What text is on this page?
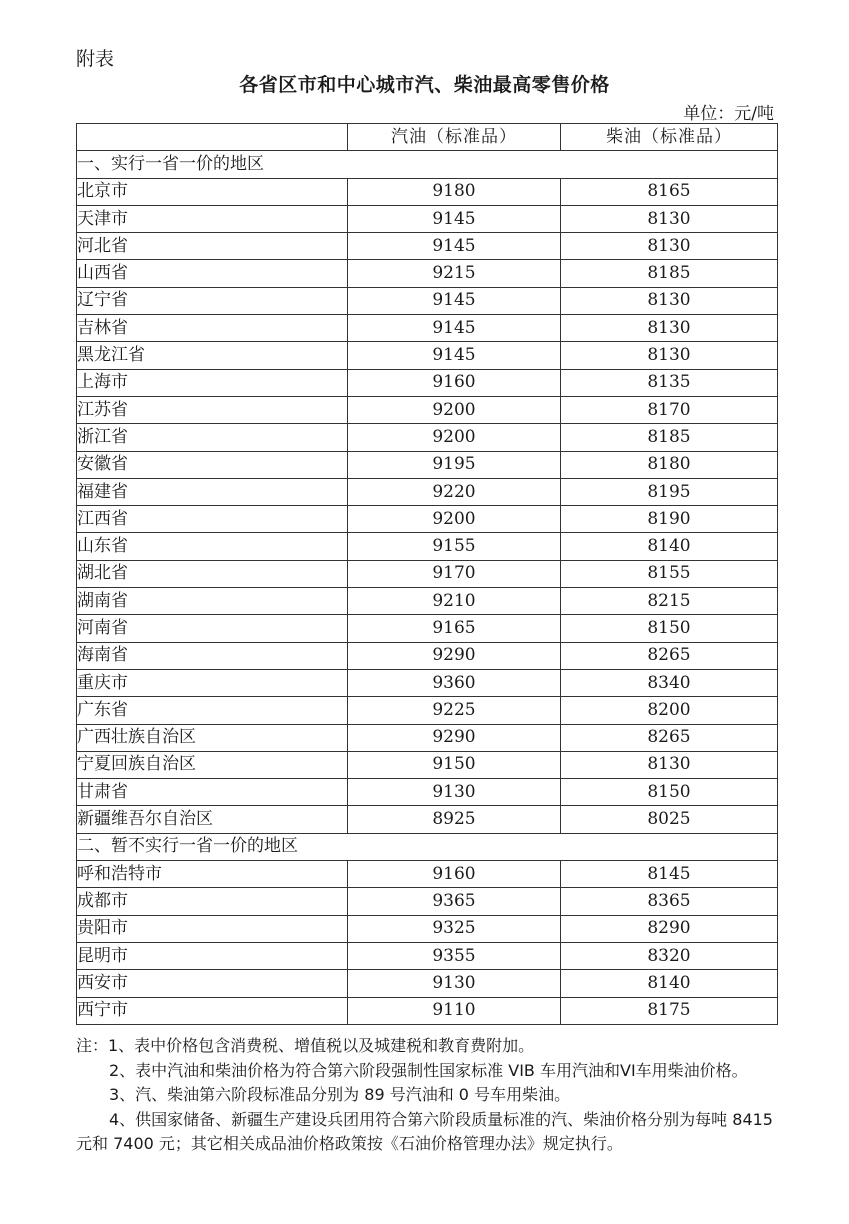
附表
各省区市和中心城市汽、柴油最高零售价格
单位：元/吨
	汽油（标准品）	柴油（标准品）
一、实行一省一价的地区		
北京市	9180	8165
天津市	9145	8130
河北省	9145	8130
山西省	9215	8185
辽宁省	9145	8130
吉林省	9145	8130
黑龙江省	9145	8130
上海市	9160	8135
江苏省	9200	8170
浙江省	9200	8185
安徽省	9195	8180
福建省	9220	8195
江西省	9200	8190
山东省	9155	8140
湖北省	9170	8155
湖南省	9210	8215
河南省	9165	8150
海南省	9290	8265
重庆市	9360	8340
广东省	9225	8200
广西壮族自治区	9290	8265
宁夏回族自治区	9150	8130
甘肃省	9130	8150
新疆维吾尔自治区	8925	8025
二、暂不实行一省一价的地区		
呼和浩特市	9160	8145
成都市	9365	8365
贵阳市	9325	8290
昆明市	9355	8320
西安市	9130	8140
西宁市	9110	8175

注：1、表中价格包含消费税、增值税以及城建税和教育费附加。

2、表中汽油和柴油价格为符合第六阶段强制性国家标准 VIB 车用汽油和VI车用柴油价格。

3、汽、柴油第六阶段标准品分别为 89 号汽油和 0 号车用柴油。

4、供国家储备、新疆生产建设兵团用符合第六阶段质量标准的汽、柴油价格分别为每吨 8415 元和 7400 元；其它相关成品油价格政策按《石油价格管理办法》规定执行。
